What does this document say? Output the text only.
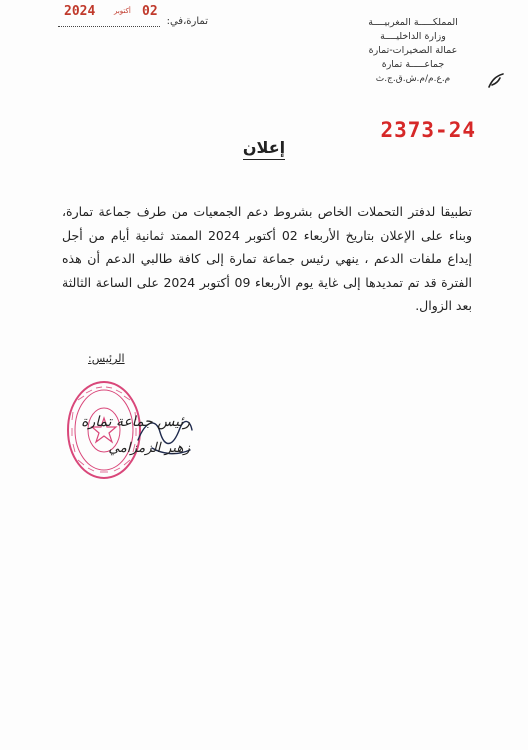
تمارة،في:
2024	أكتوبر 02
المملكـــــة المغربيــــة
وزارة الداخليــــة
عمالة الصخيرات-تمارة
جماعـــــة تمارة
م.ع.م/م.ش.ق.ج.ث
2373-24
إعلان
تطبيقا لدفتر التحملات الخاص بشروط دعم الجمعيات من طرف جماعة تمارة، وبناء على الإعلان بتاريخ الأربعاء 02 أكتوبر 2024 الممتد ثمانية أيام من أجل إيداع ملفات الدعم ، ينهي رئيس جماعة تمارة إلى كافة طالبي الدعم أن هذه الفترة قد تم تمديدها إلى غاية يوم الأربعاء 09 أكتوبر 2024 على الساعة الثالثة بعد الزوال.
الرئيس:
رئيس جماعة تمارة
زهير الزمزامي
